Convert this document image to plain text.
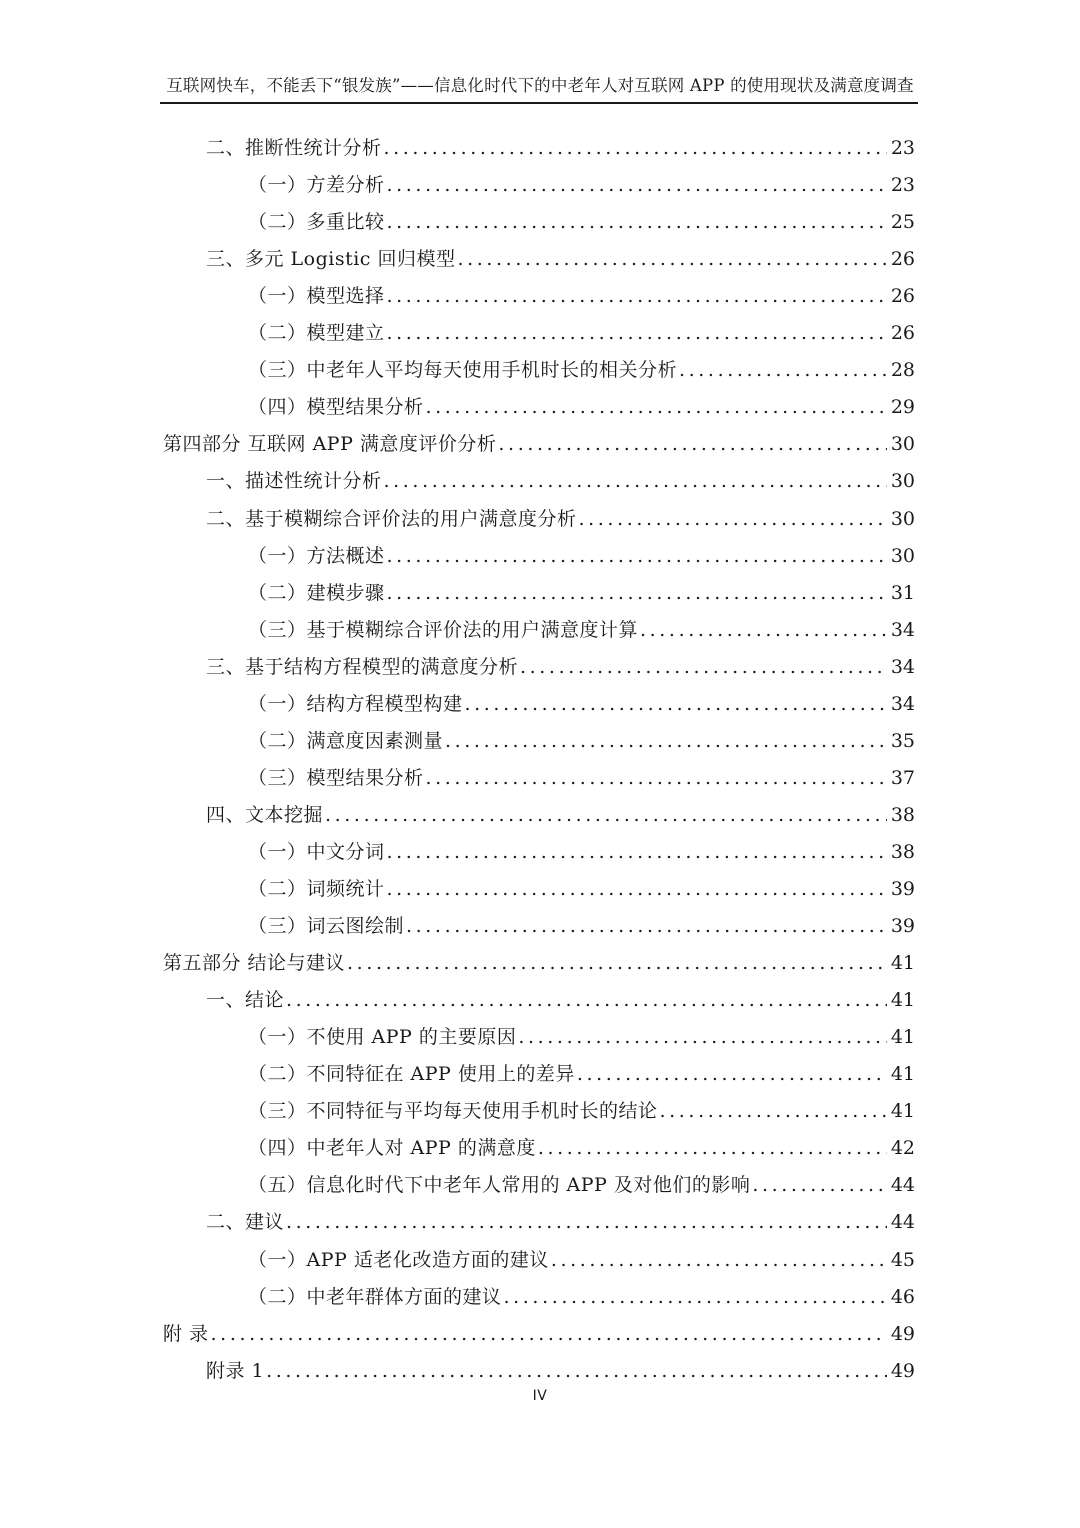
互联网快车，不能丢下“银发族”——信息化时代下的中老年人对互联网 APP 的使用现状及满意度调查
二、推断性统计分析 .....	23
（一）方差分析 .....	23
（二）多重比较 .....	25
三、多元 Logistic 回归模型 .....	26
（一）模型选择 .....	26
（二）模型建立 .....	26
（三）中老年人平均每天使用手机时长的相关分析 .....	28
（四）模型结果分析 .....	29
第四部分 互联网 APP 满意度评价分析 .....	30
一、描述性统计分析 .....	30
二、基于模糊综合评价法的用户满意度分析 .....	30
（一）方法概述 .....	30
（二）建模步骤 .....	31
（三）基于模糊综合评价法的用户满意度计算 .....	34
三、基于结构方程模型的满意度分析 .....	34
（一）结构方程模型构建 .....	34
（二）满意度因素测量 .....	35
（三）模型结果分析 .....	37
四、文本挖掘 .....	38
（一）中文分词 .....	38
（二）词频统计 .....	39
（三）词云图绘制 .....	39
第五部分 结论与建议 .....	41
一、结论 .....	41
（一）不使用 APP 的主要原因 .....	41
（二）不同特征在 APP 使用上的差异 .....	41
（三）不同特征与平均每天使用手机时长的结论 .....	41
（四）中老年人对 APP 的满意度 .....	42
（五）信息化时代下中老年人常用的 APP 及对他们的影响 .....	44
二、建议 .....	44
（一）APP 适老化改造方面的建议 .....	45
（二）中老年群体方面的建议 .....	46
附 录 .....	49
附录 1 .....	49
IV
